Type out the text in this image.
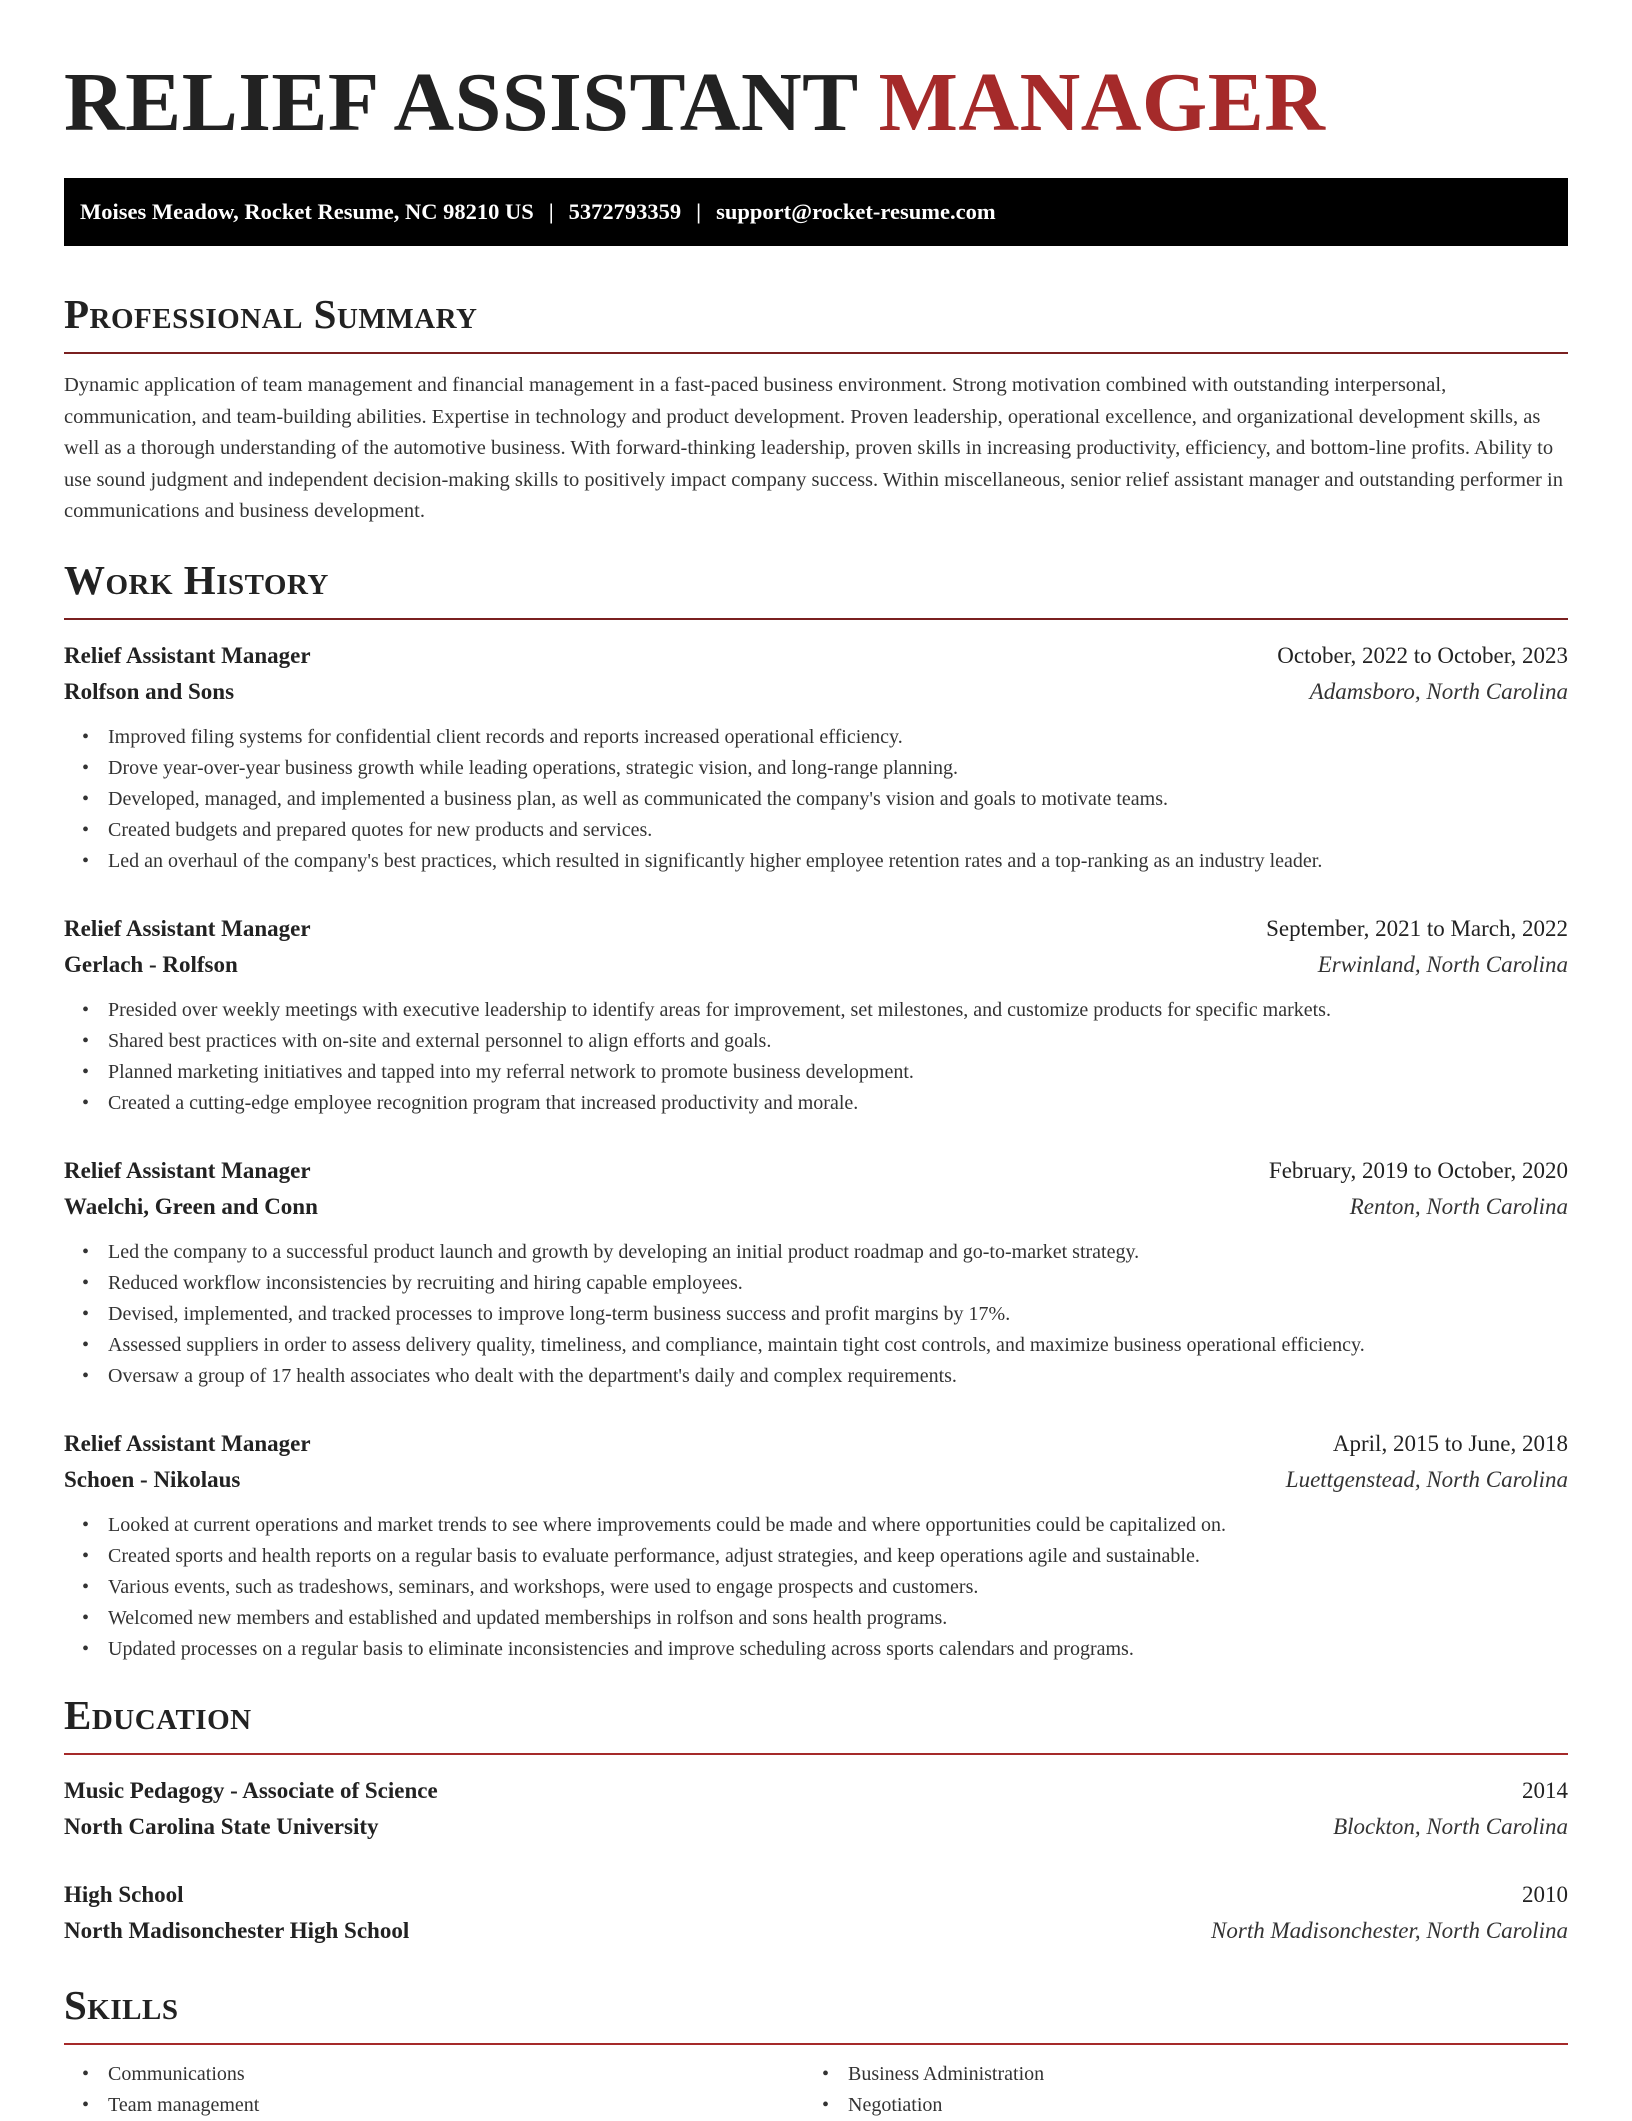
RELIEF ASSISTANT MANAGER
Moises Meadow, Rocket Resume, NC 98210 US | 5372793359 | support@rocket-resume.com
Professional Summary

Dynamic application of team management and financial management in a fast-paced business environment. Strong motivation combined with outstanding interpersonal, communication, and team-building abilities. Expertise in technology and product development. Proven leadership, operational excellence, and organizational development skills, as well as a thorough understanding of the automotive business. With forward-thinking leadership, proven skills in increasing productivity, efficiency, and bottom-line profits. Ability to use sound judgment and independent decision-making skills to positively impact company success. Within miscellaneous, senior relief assistant manager and outstanding performer in communications and business development.

Work History
Relief Assistant Manager	October, 2022 to October, 2023
Rolfson and Sons	Adamsboro, North Carolina
• Improved filing systems for confidential client records and reports increased operational efficiency.
• Drove year-over-year business growth while leading operations, strategic vision, and long-range planning.
• Developed, managed, and implemented a business plan, as well as communicated the company's vision and goals to motivate teams.
• Created budgets and prepared quotes for new products and services.
• Led an overhaul of the company's best practices, which resulted in significantly higher employee retention rates and a top-ranking as an industry leader.
Relief Assistant Manager	September, 2021 to March, 2022
Gerlach - Rolfson	Erwinland, North Carolina
• Presided over weekly meetings with executive leadership to identify areas for improvement, set milestones, and customize products for specific markets.
• Shared best practices with on-site and external personnel to align efforts and goals.
• Planned marketing initiatives and tapped into my referral network to promote business development.
• Created a cutting-edge employee recognition program that increased productivity and morale.
Relief Assistant Manager	February, 2019 to October, 2020
Waelchi, Green and Conn	Renton, North Carolina
• Led the company to a successful product launch and growth by developing an initial product roadmap and go-to-market strategy.
• Reduced workflow inconsistencies by recruiting and hiring capable employees.
• Devised, implemented, and tracked processes to improve long-term business success and profit margins by 17%.
• Assessed suppliers in order to assess delivery quality, timeliness, and compliance, maintain tight cost controls, and maximize business operational efficiency.
• Oversaw a group of 17 health associates who dealt with the department's daily and complex requirements.
Relief Assistant Manager	April, 2015 to June, 2018
Schoen - Nikolaus	Luettgenstead, North Carolina
• Looked at current operations and market trends to see where improvements could be made and where opportunities could be capitalized on.
• Created sports and health reports on a regular basis to evaluate performance, adjust strategies, and keep operations agile and sustainable.
• Various events, such as tradeshows, seminars, and workshops, were used to engage prospects and customers.
• Welcomed new members and established and updated memberships in rolfson and sons health programs.
• Updated processes on a regular basis to eliminate inconsistencies and improve scheduling across sports calendars and programs.
Education
Music Pedagogy - Associate of Science	2014
North Carolina State University	Blockton, North Carolina
High School	2010
North Madisonchester High School	North Madisonchester, North Carolina
Skills
• Communications
• Team management
• Business Administration
• Negotiation
